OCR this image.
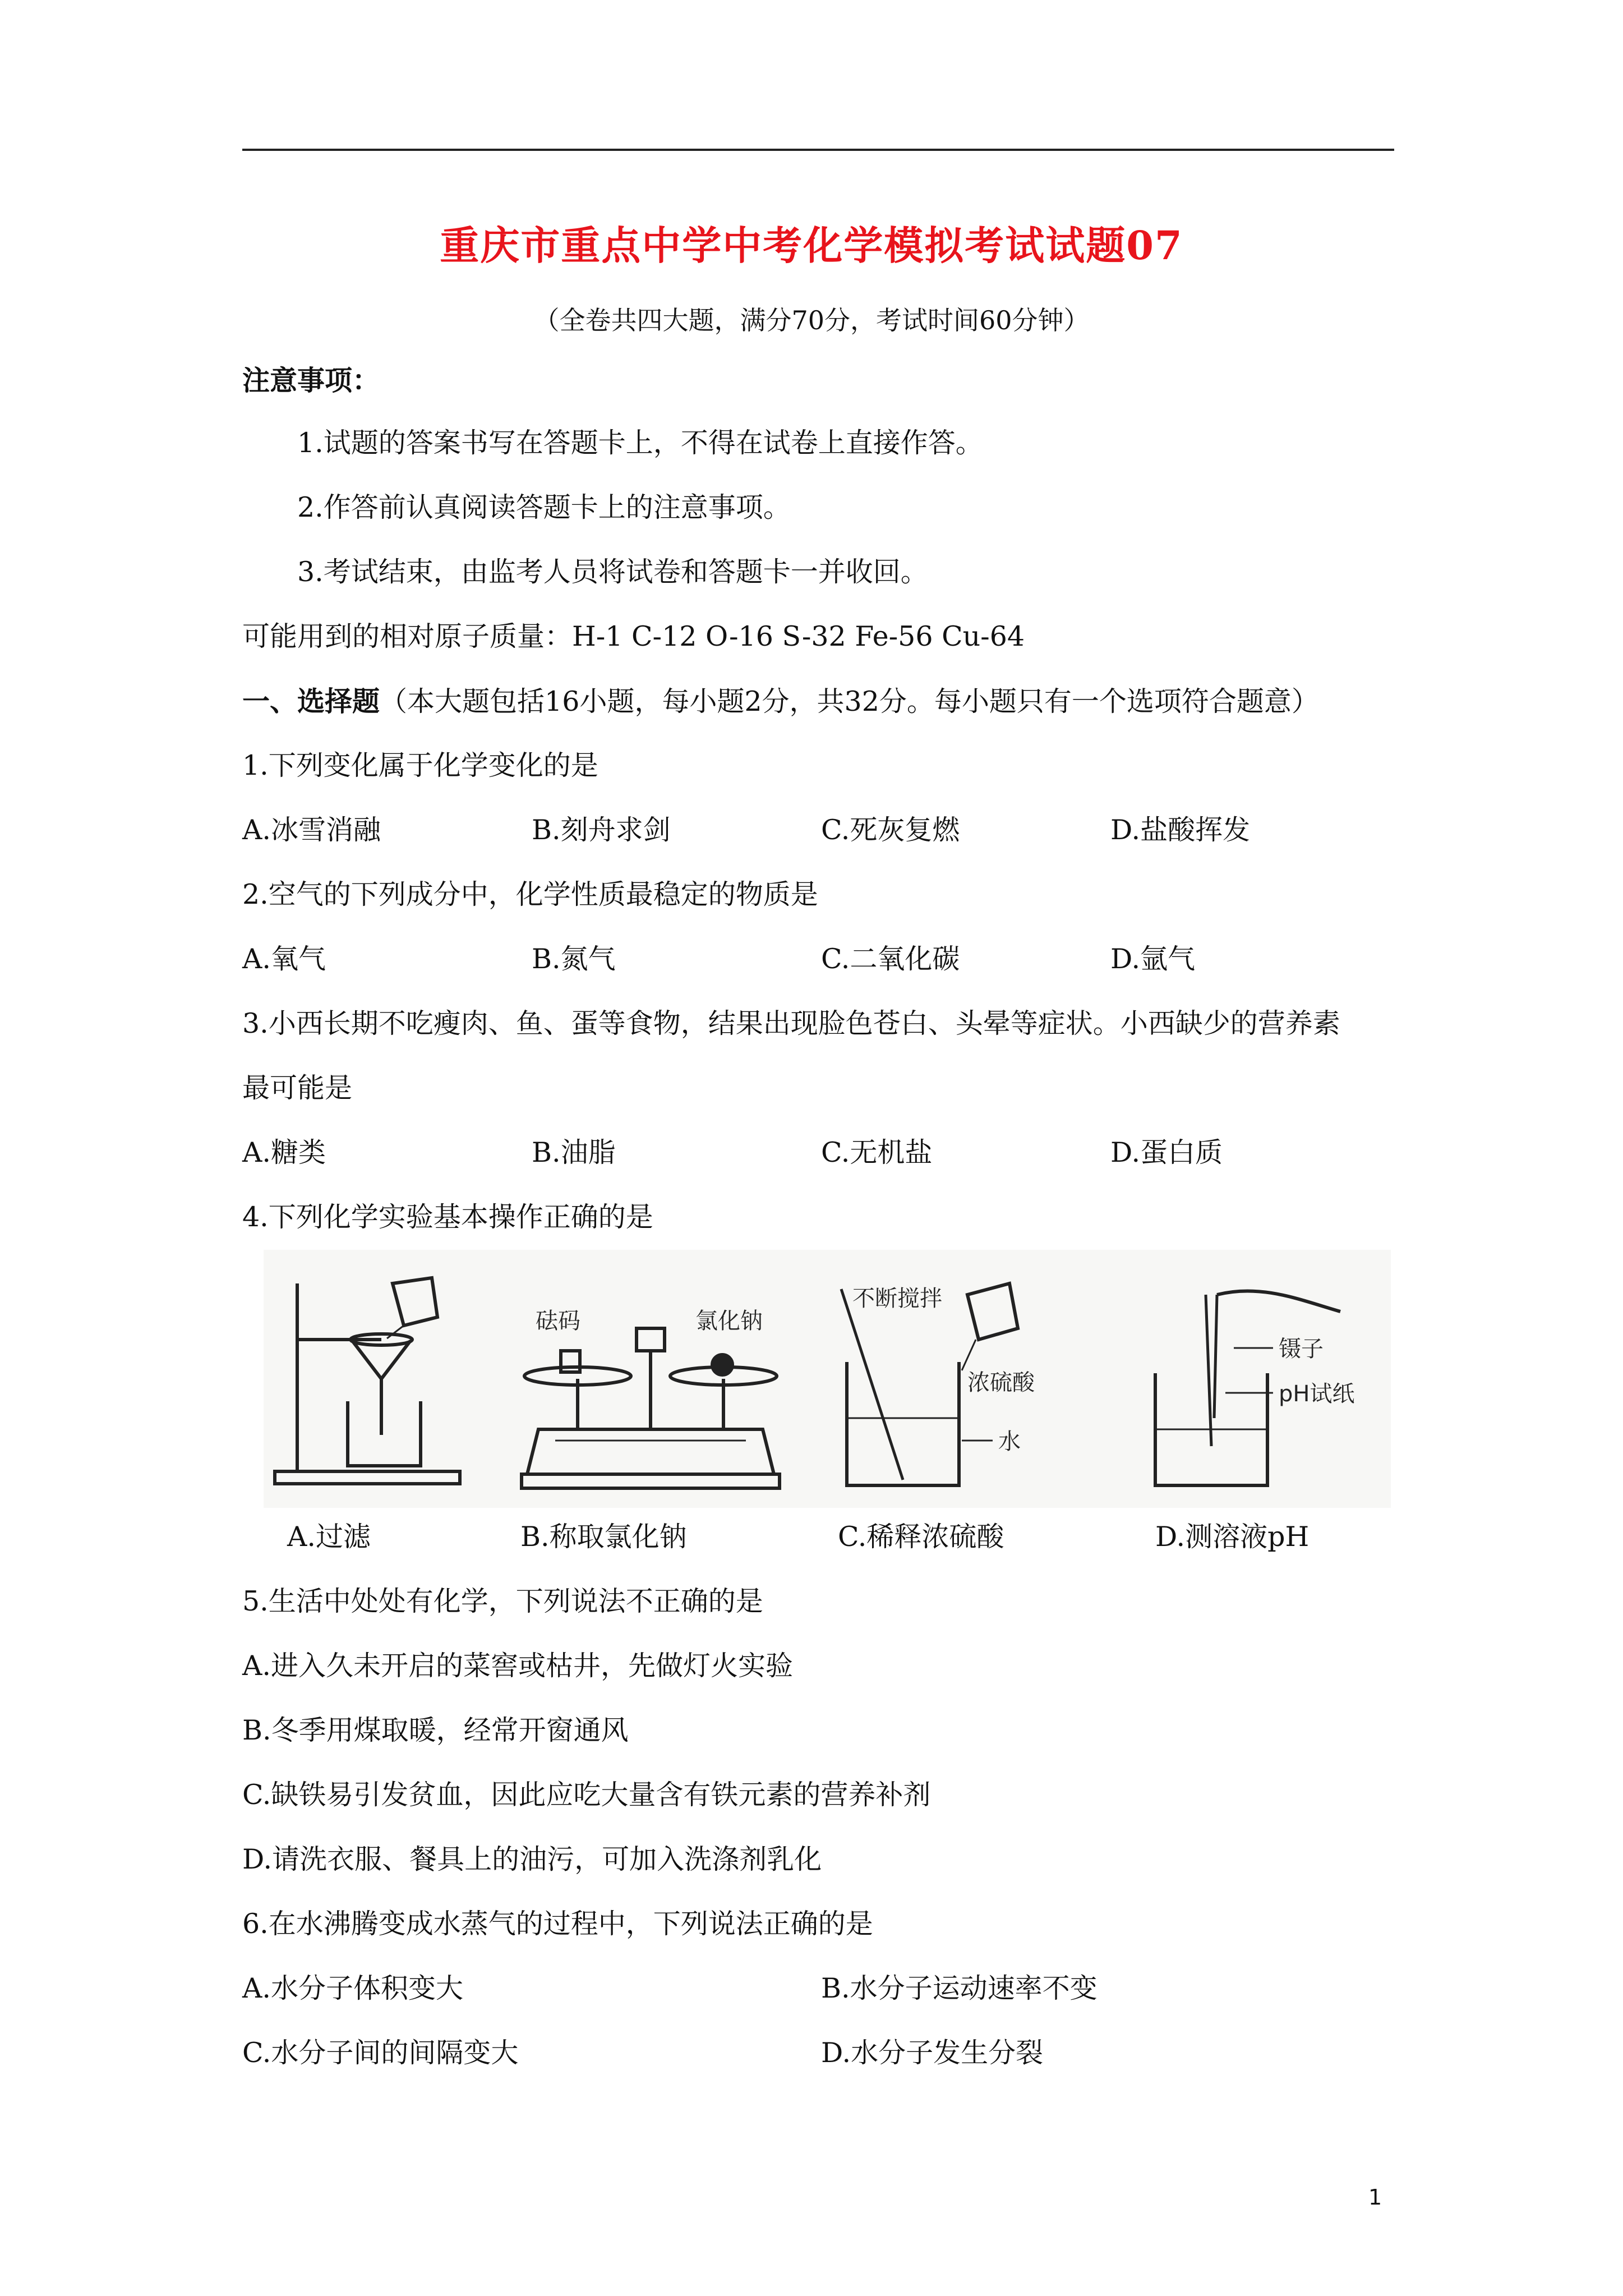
重庆市重点中学中考化学模拟考试试题07
（全卷共四大题，满分70分，考试时间60分钟）
注意事项：
1.试题的答案书写在答题卡上，不得在试卷上直接作答。
2.作答前认真阅读答题卡上的注意事项。
3.考试结束，由监考人员将试卷和答题卡一并收回。
可能用到的相对原子质量：H-1 C-12 O-16 S-32 Fe-56 Cu-64
一、选择题（本大题包括16小题，每小题2分，共32分。每小题只有一个选项符合题意）
1.下列变化属于化学变化的是
A.冰雪消融	B.刻舟求剑	C.死灰复燃	D.盐酸挥发
2.空气的下列成分中，化学性质最稳定的物质是
A.氧气	B.氮气	C.二氧化碳	D.氩气
3.小西长期不吃瘦肉、鱼、蛋等食物，结果出现脸色苍白、头晕等症状。小西缺少的营养素
最可能是
A.糖类	B.油脂	C.无机盐	D.蛋白质
4.下列化学实验基本操作正确的是
砝码	氯化钠
不断搅拌
浓硫酸
水
镊子
pH试纸
A.过滤	B.称取氯化钠	C.稀释浓硫酸	D.测溶液pH
5.生活中处处有化学，下列说法不正确的是
A.进入久未开启的菜窖或枯井，先做灯火实验
B.冬季用煤取暖，经常开窗通风
C.缺铁易引发贫血，因此应吃大量含有铁元素的营养补剂
D.请洗衣服、餐具上的油污，可加入洗涤剂乳化
6.在水沸腾变成水蒸气的过程中，下列说法正确的是
A.水分子体积变大	B.水分子运动速率不变
C.水分子间的间隔变大	D.水分子发生分裂
1
